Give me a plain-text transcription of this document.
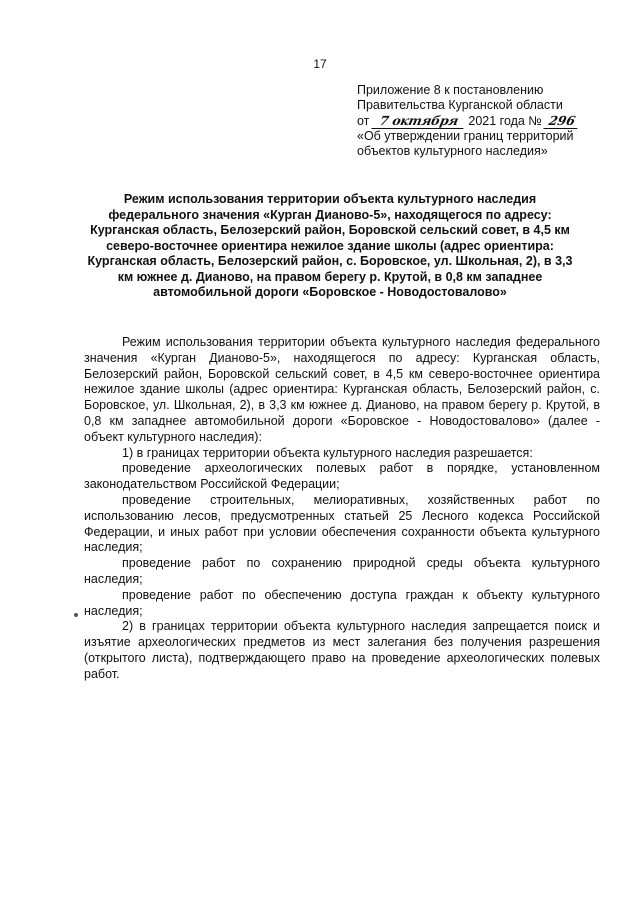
17
Приложение 8 к постановлению
Правительства Курганской области
от 7 октября 2021 года № 296
«Об утверждении границ территорий
объектов культурного наследия»
Режим использования территории объекта культурного наследия федерального значения «Курган Дианово-5», находящегося по адресу: Курганская область, Белозерский район, Боровской сельский совет, в 4,5 км северо-восточнее ориентира нежилое здание школы (адрес ориентира: Курганская область, Белозерский район, с. Боровское, ул. Школьная, 2), в 3,3 км южнее д. Дианово, на правом берегу р. Крутой, в 0,8 км западнее автомобильной дороги «Боровское - Новодостовалово»

Режим использования территории объекта культурного наследия федерального значения «Курган Дианово-5», находящегося по адресу: Курганская область, Белозерский район, Боровской сельский совет, в 4,5 км северо-восточнее ориентира нежилое здание школы (адрес ориентира: Курганская область, Белозерский район, с. Боровское, ул. Школьная, 2), в 3,3 км южнее д. Дианово, на правом берегу р. Крутой, в 0,8 км западнее автомобильной дороги «Боровское - Новодостовалово» (далее - объект культурного наследия):

1) в границах территории объекта культурного наследия разрешается:

проведение археологических полевых работ в порядке, установленном законодательством Российской Федерации;

проведение строительных, мелиоративных, хозяйственных работ по использованию лесов, предусмотренных статьей 25 Лесного кодекса Российской Федерации, и иных работ при условии обеспечения сохранности объекта культурного наследия;

проведение работ по сохранению природной среды объекта культурного наследия;

проведение работ по обеспечению доступа граждан к объекту культурного наследия;

2) в границах территории объекта культурного наследия запрещается поиск и изъятие археологических предметов из мест залегания без получения разрешения (открытого листа), подтверждающего право на проведение археологических полевых работ.
